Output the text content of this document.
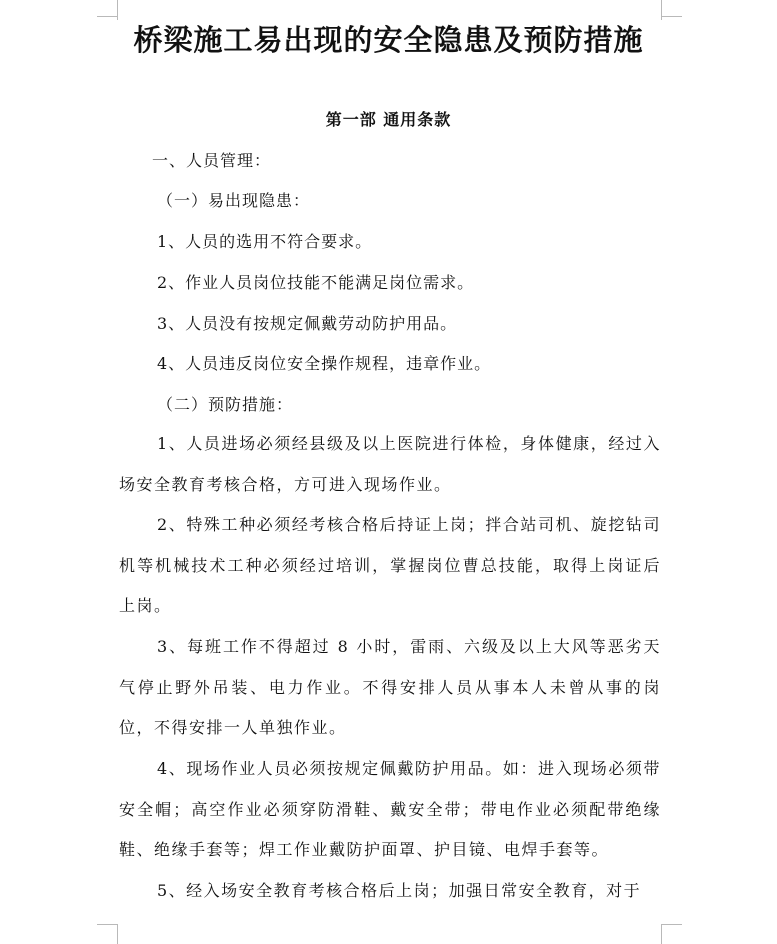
桥梁施工易出现的安全隐患及预防措施
第一部 通用条款
一、人员管理：
（一）易出现隐患：
1、人员的选用不符合要求。
2、作业人员岗位技能不能满足岗位需求。
3、人员没有按规定佩戴劳动防护用品。
4、人员违反岗位安全操作规程，违章作业。
（二）预防措施：

1、人员进场必须经县级及以上医院进行体检，身体健康，经过入场安全教育考核合格，方可进入现场作业。

2、特殊工种必须经考核合格后持证上岗；拌合站司机、旋挖钻司机等机械技术工种必须经过培训，掌握岗位曹总技能，取得上岗证后上岗。

3、每班工作不得超过 8 小时，雷雨、六级及以上大风等恶劣天气停止野外吊装、电力作业。不得安排人员从事本人未曾从事的岗位，不得安排一人单独作业。

4、现场作业人员必须按规定佩戴防护用品。如：进入现场必须带安全帽；高空作业必须穿防滑鞋、戴安全带；带电作业必须配带绝缘鞋、绝缘手套等；焊工作业戴防护面罩、护目镜、电焊手套等。

5、经入场安全教育考核合格后上岗；加强日常安全教育，对于
